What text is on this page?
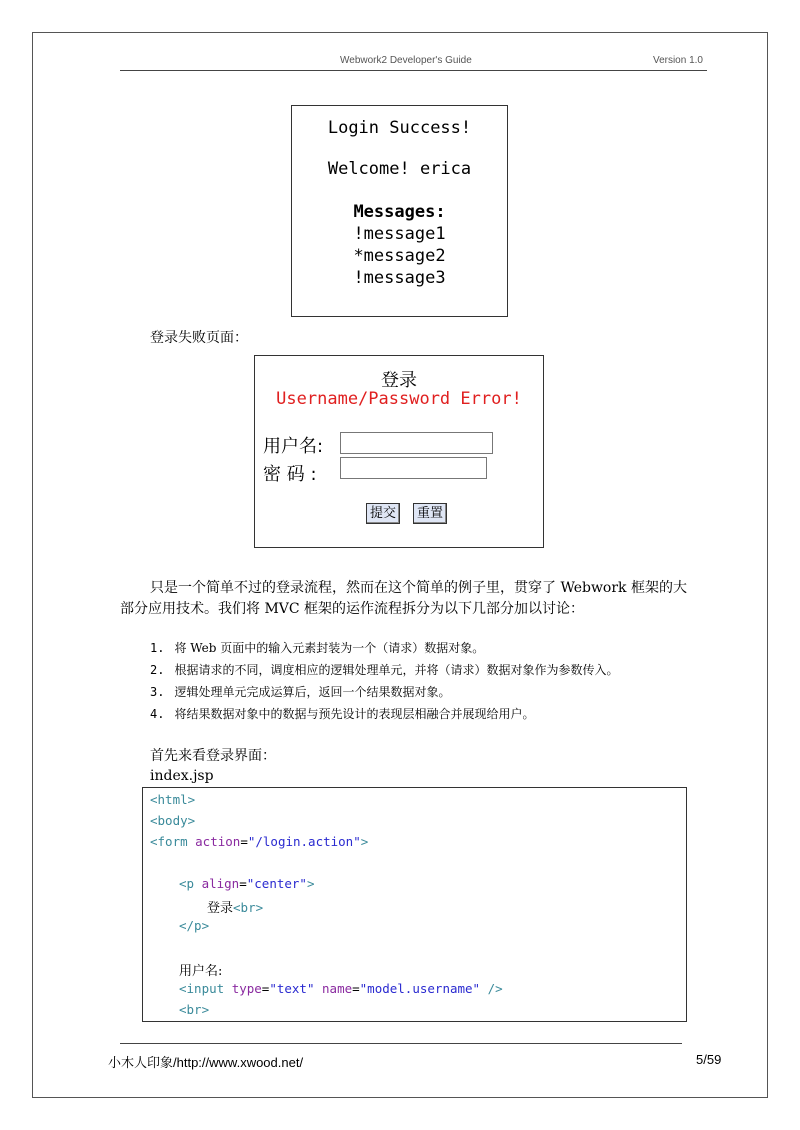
Webwork2 Developer's Guide	Version 1.0
Login Success!
Welcome! erica
Messages:
!message1
*message2
!message3
登录失败页面：
登录
Username/Password Error!
用户名:
密 码 :
提交	重置
只是一个简单不过的登录流程，然而在这个简单的例子里，贯穿了 Webwork 框架的大
部分应用技术。我们将 MVC 框架的运作流程拆分为以下几部分加以讨论：
1. 将 Web 页面中的输入元素封装为一个（请求）数据对象。
2. 根据请求的不同，调度相应的逻辑处理单元，并将（请求）数据对象作为参数传入。
3. 逻辑处理单元完成运算后，返回一个结果数据对象。
4. 将结果数据对象中的数据与预先设计的表现层相融合并展现给用户。
首先来看登录界面：
index.jsp
<html>
<body>
<form action="/login.action">
<p align="center">
登录<br>
</p>
用户名:
<input type="text" name="model.username" />
<br>
小木人印象/http://www.xwood.net/	5/59
